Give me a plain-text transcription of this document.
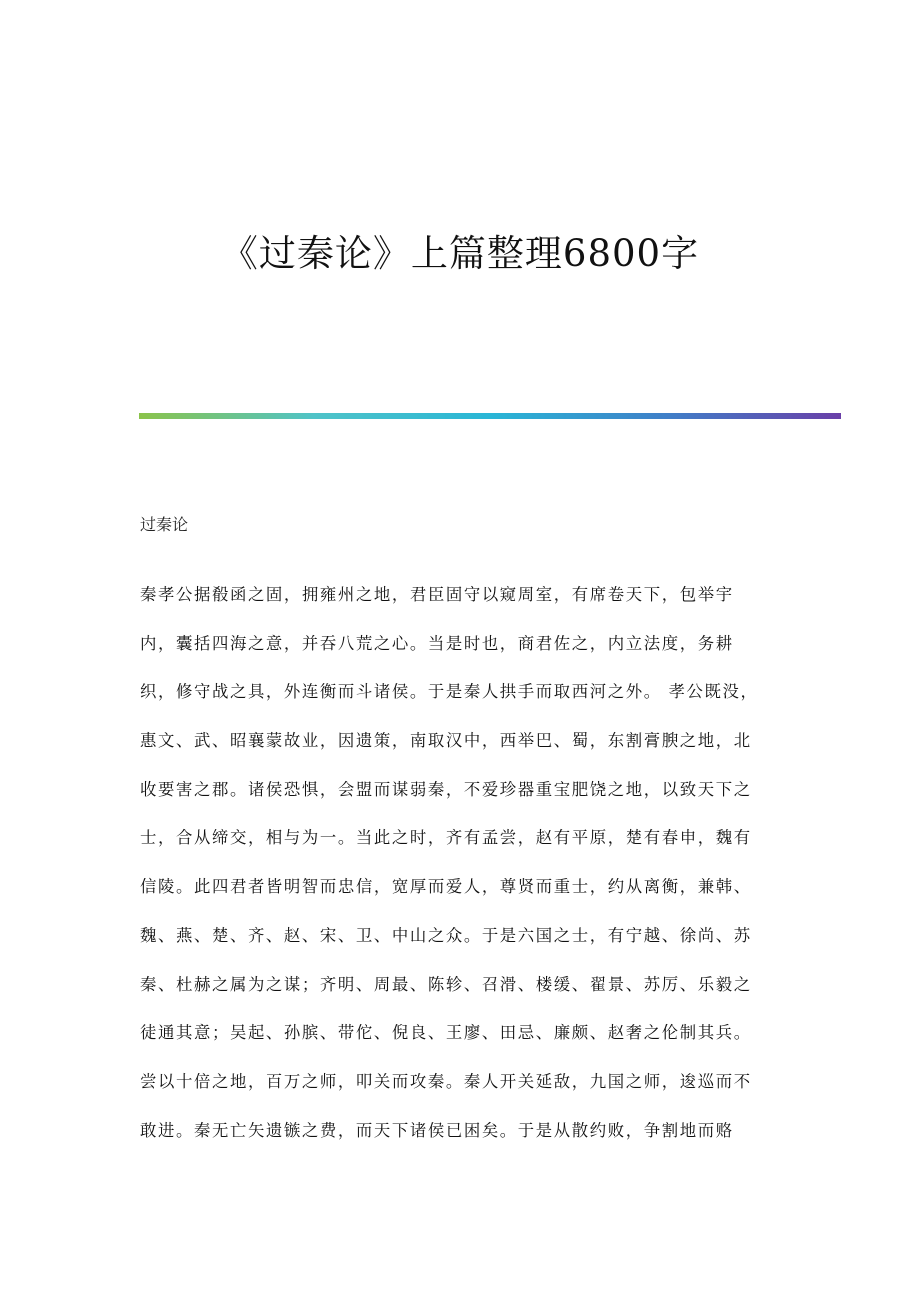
《过秦论》上篇整理6800字
过秦论
秦孝公据殽函之固，拥雍州之地，君臣固守以窥周室，有席卷天下，包举宇
内，囊括四海之意，并吞八荒之心。当是时也，商君佐之，内立法度，务耕
织，修守战之具，外连衡而斗诸侯。于是秦人拱手而取西河之外。 孝公既没，
惠文、武、昭襄蒙故业，因遗策，南取汉中，西举巴、蜀，东割膏腴之地，北
收要害之郡。诸侯恐惧，会盟而谋弱秦，不爱珍器重宝肥饶之地，以致天下之
士，合从缔交，相与为一。当此之时，齐有孟尝，赵有平原，楚有春申，魏有
信陵。此四君者皆明智而忠信，宽厚而爱人，尊贤而重士，约从离衡，兼韩、
魏、燕、楚、齐、赵、宋、卫、中山之众。于是六国之士，有宁越、徐尚、苏
秦、杜赫之属为之谋；齐明、周最、陈轸、召滑、楼缓、翟景、苏厉、乐毅之
徒通其意；吴起、孙膑、带佗、倪良、王廖、田忌、廉颇、赵奢之伦制其兵。
尝以十倍之地，百万之师，叩关而攻秦。秦人开关延敌，九国之师，逡巡而不
敢进。秦无亡矢遗镞之费，而天下诸侯已困矣。于是从散约败，争割地而赂
